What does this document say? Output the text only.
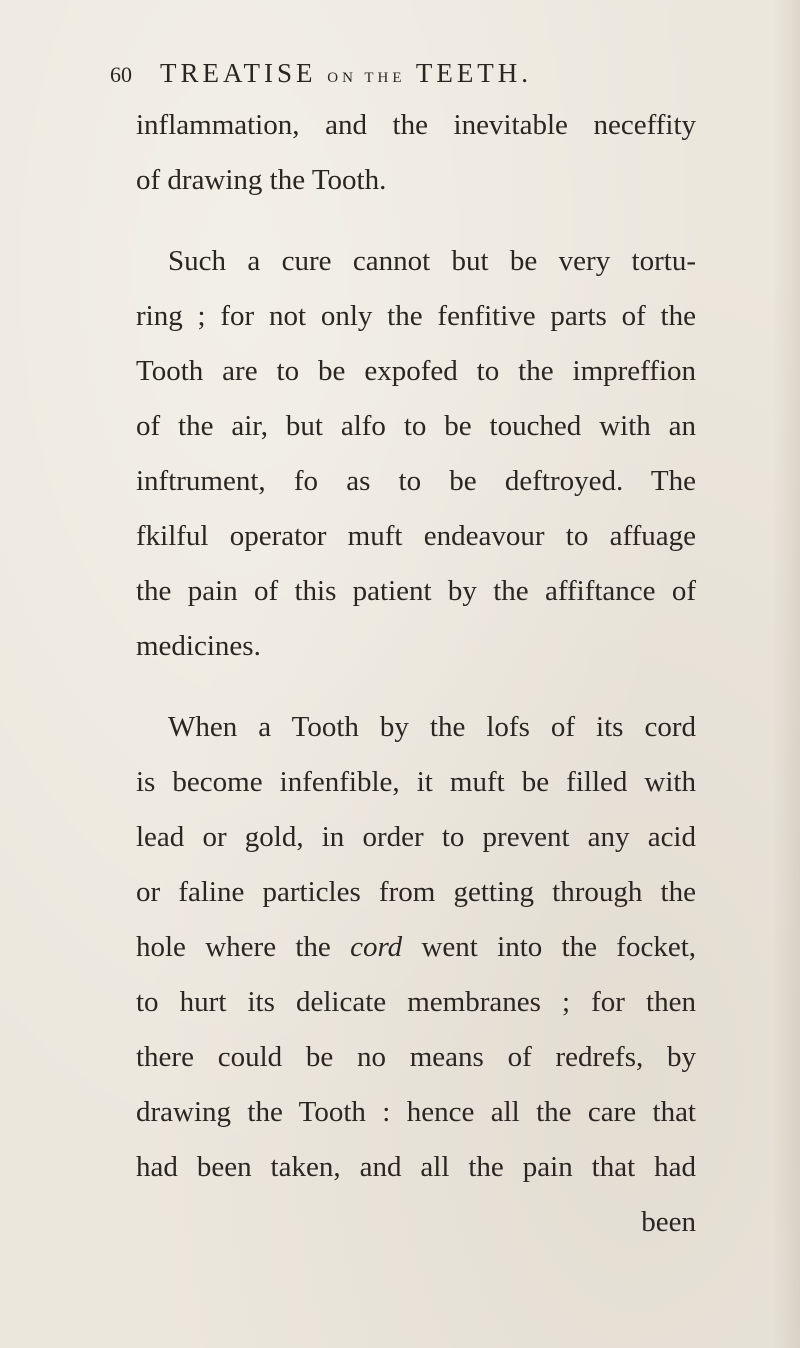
60 TREATISE ON THE TEETH.
inflammation, and the inevitable neceffity
of drawing the Tooth.
Such a cure cannot but be very tortu-
ring ; for not only the fenfitive parts of the
Tooth are to be expofed to the impreffion
of the air, but alfo to be touched with an
inftrument, fo as to be deftroyed. The
fkilful operator muft endeavour to affuage
the pain of this patient by the affiftance of
medicines.
When a Tooth by the lofs of its cord
is become infenfible, it muft be filled with
lead or gold, in order to prevent any acid
or faline particles from getting through the
hole where the cord went into the focket,
to hurt its delicate membranes ; for then
there could be no means of redrefs, by
drawing the Tooth : hence all the care that
had been taken, and all the pain that had
been
